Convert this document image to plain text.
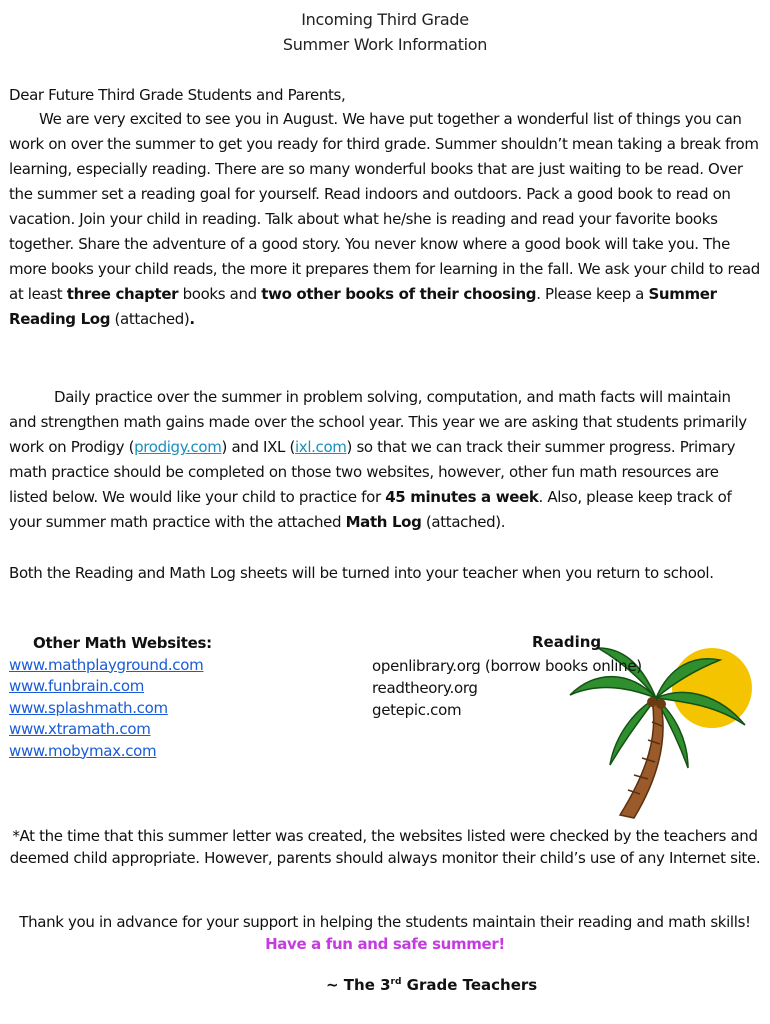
Incoming Third Grade
Summer Work Information
Dear Future Third Grade Students and Parents,
We are very excited to see you in August. We have put together a wonderful list of things you can work on over the summer to get you ready for third grade. Summer shouldn’t mean taking a break from learning, especially reading. There are so many wonderful books that are just waiting to be read. Over the summer set a reading goal for yourself. Read indoors and outdoors. Pack a good book to read on vacation. Join your child in reading. Talk about what he/she is reading and read your favorite books together. Share the adventure of a good story. You never know where a good book will take you. The more books your child reads, the more it prepares them for learning in the fall. We ask your child to read at least three chapter books and two other books of their choosing. Please keep a Summer Reading Log (attached).
Daily practice over the summer in problem solving, computation, and math facts will maintain and strengthen math gains made over the school year. This year we are asking that students primarily work on Prodigy (prodigy.com) and IXL (ixl.com) so that we can track their summer progress. Primary math practice should be completed on those two websites, however, other fun math resources are listed below. We would like your child to practice for 45 minutes a week. Also, please keep track of your summer math practice with the attached Math Log (attached).
Both the Reading and Math Log sheets will be turned into your teacher when you return to school.
Other Math Websites:
www.mathplayground.com
www.funbrain.com
www.splashmath.com
www.xtramath.com
www.mobymax.com
Reading
openlibrary.org (borrow books online)
readtheory.org
getepic.com
*At the time that this summer letter was created, the websites listed were checked by the teachers and deemed child appropriate. However, parents should always monitor their child’s use of any Internet site.
Thank you in advance for your support in helping the students maintain their reading and math skills! Have a fun and safe summer!
~ The 3rd Grade Teachers
